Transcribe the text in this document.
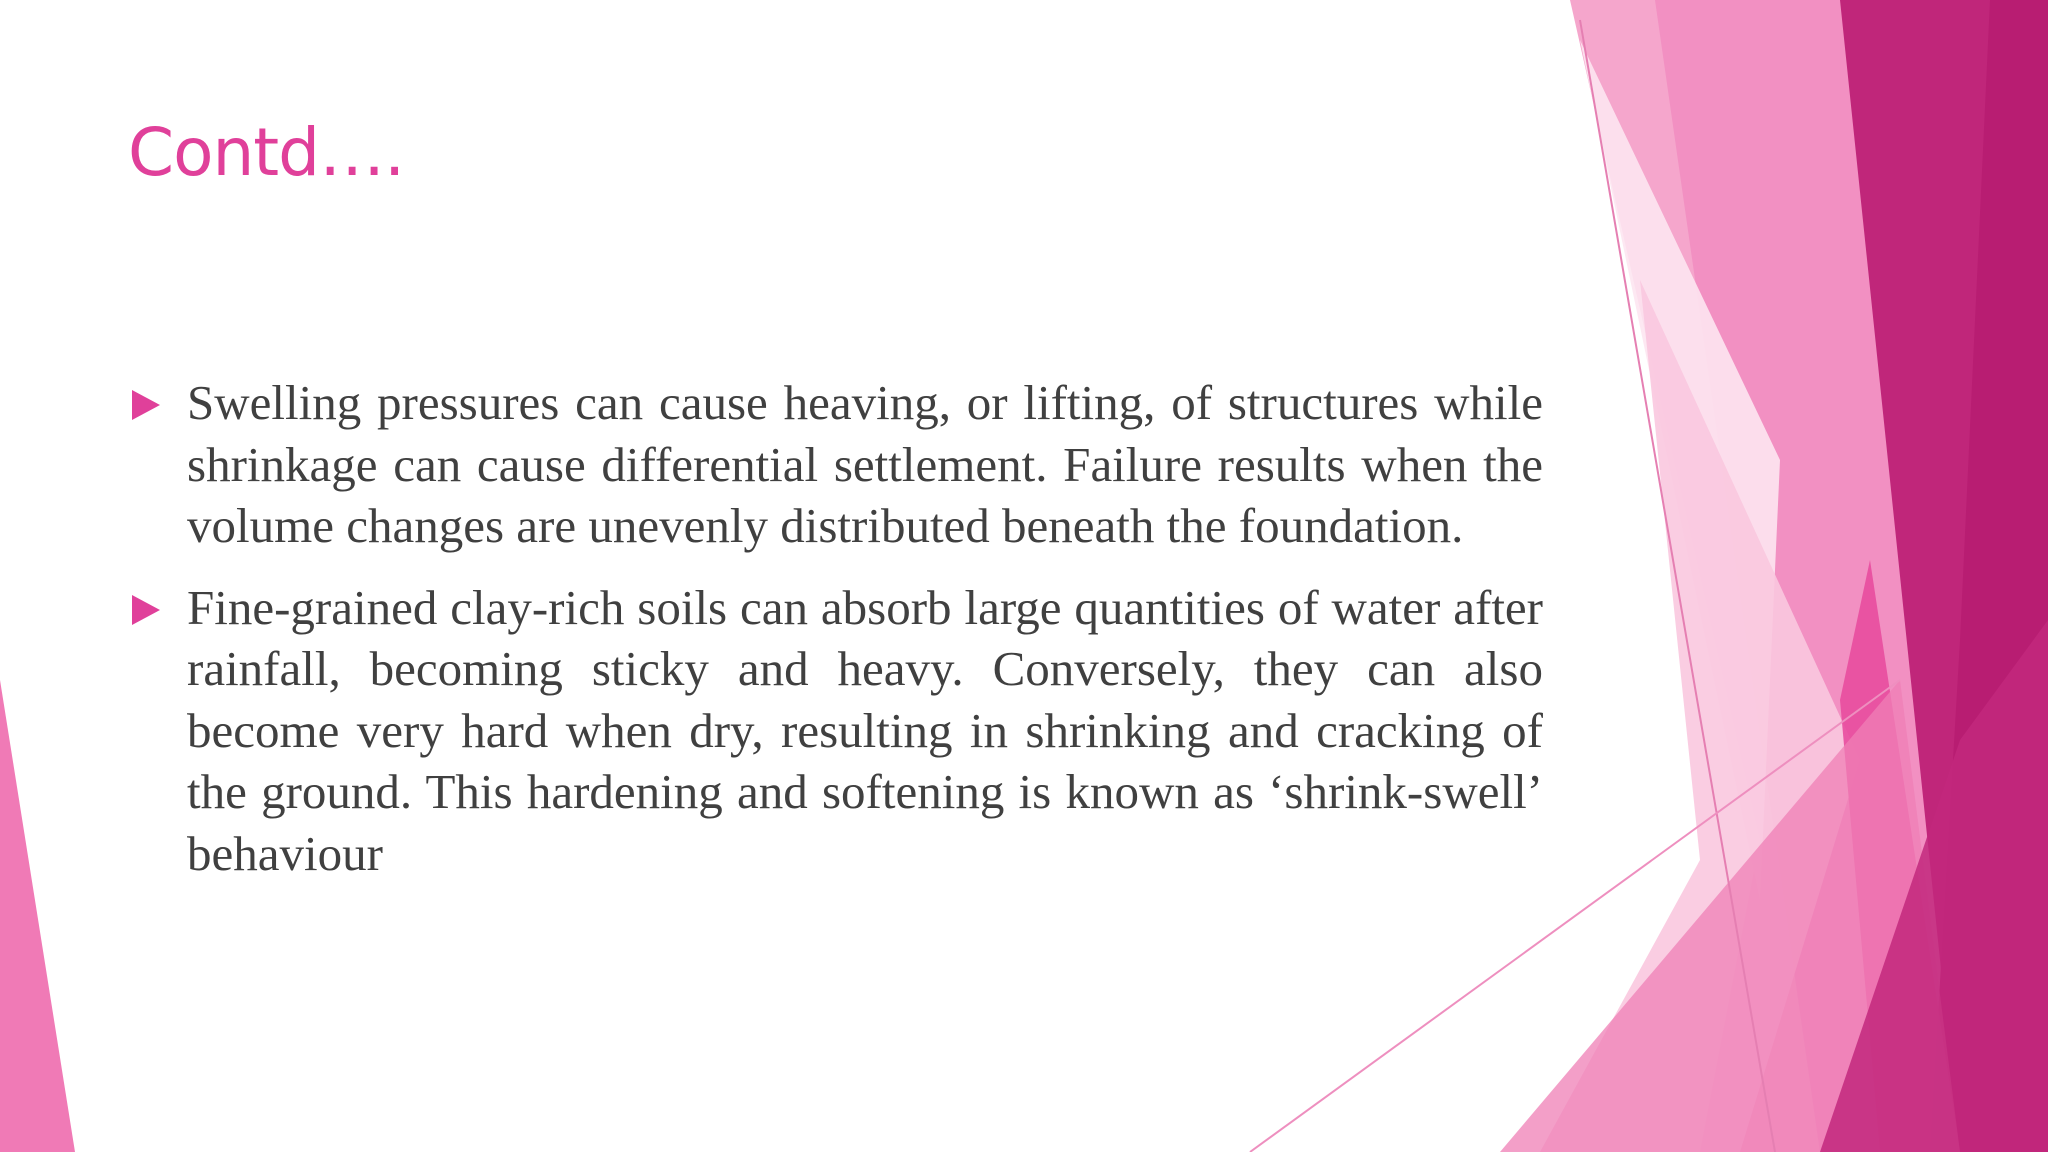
Contd….
Swelling pressures can cause heaving, or lifting, of structures while shrinkage can cause differential settlement. Failure results when the volume changes are unevenly distributed beneath the foundation.
Fine-grained clay-rich soils can absorb large quantities of water after rainfall, becoming sticky and heavy. Conversely, they can also become very hard when dry, resulting in shrinking and cracking of the ground. This hardening and softening is known as ‘shrink-swell’ behaviour
